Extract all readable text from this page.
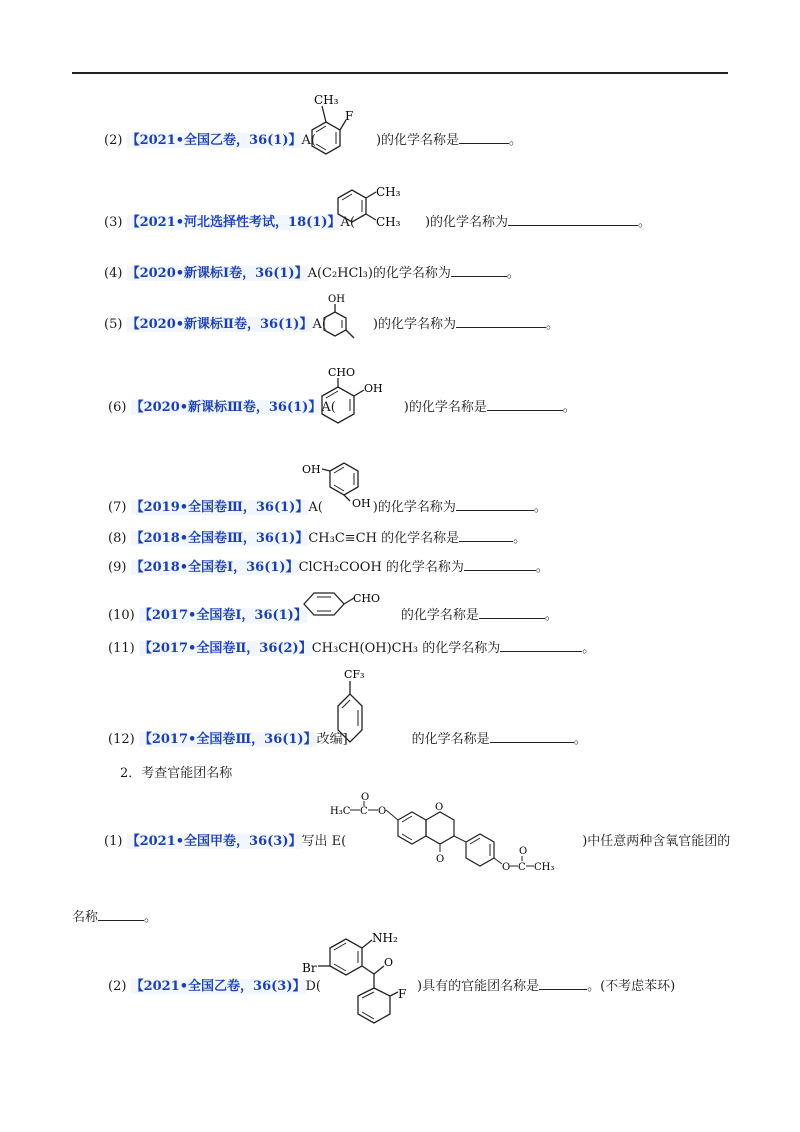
(2) 【2021•全国乙卷，36(1)】A(	)的化学名称是	。
CH₃
F
(3) 【2021•河北选择性考试，18(1)】A(	)的化学名称为	。
CH₃
CH₃
(4) 【2020•新课标Ⅰ卷，36(1)】A(C₂HCl₃)的化学名称为	。
(5) 【2020•新课标Ⅱ卷，36(1)】A(	)的化学名称为	。
OH
(6) 【2020•新课标Ⅲ卷，36(1)】A(	)的化学名称是	。
CHO
OH
(7) 【2019•全国卷Ⅲ，36(1)】A(	)的化学名称为	。
OH
OH
(8) 【2018•全国卷Ⅲ，36(1)】CH₃C≡CH 的化学名称是	。
(9) 【2018•全国卷Ⅰ，36(1)】ClCH₂COOH 的化学名称为	。
(10) 【2017•全国卷Ⅰ，36(1)】	的化学名称是	。
CHO
(11) 【2017•全国卷Ⅱ，36(2)】CH₃CH(OH)CH₃ 的化学名称为	。
(12) 【2017•全国卷Ⅲ，36(1)】改编]	的化学名称是	。
CF₃
2．考查官能团名称
(1) 【2021•全国甲卷，36(3)】写出 E(	)中任意两种含氧官能团的
名称	。
H₃C C
O
O	O
O
O C
O
CH₃
(2) 【2021•全国乙卷，36(3)】D(	)具有的官能团名称是	。(不考虑苯环)
Br
NH₂
O
F
